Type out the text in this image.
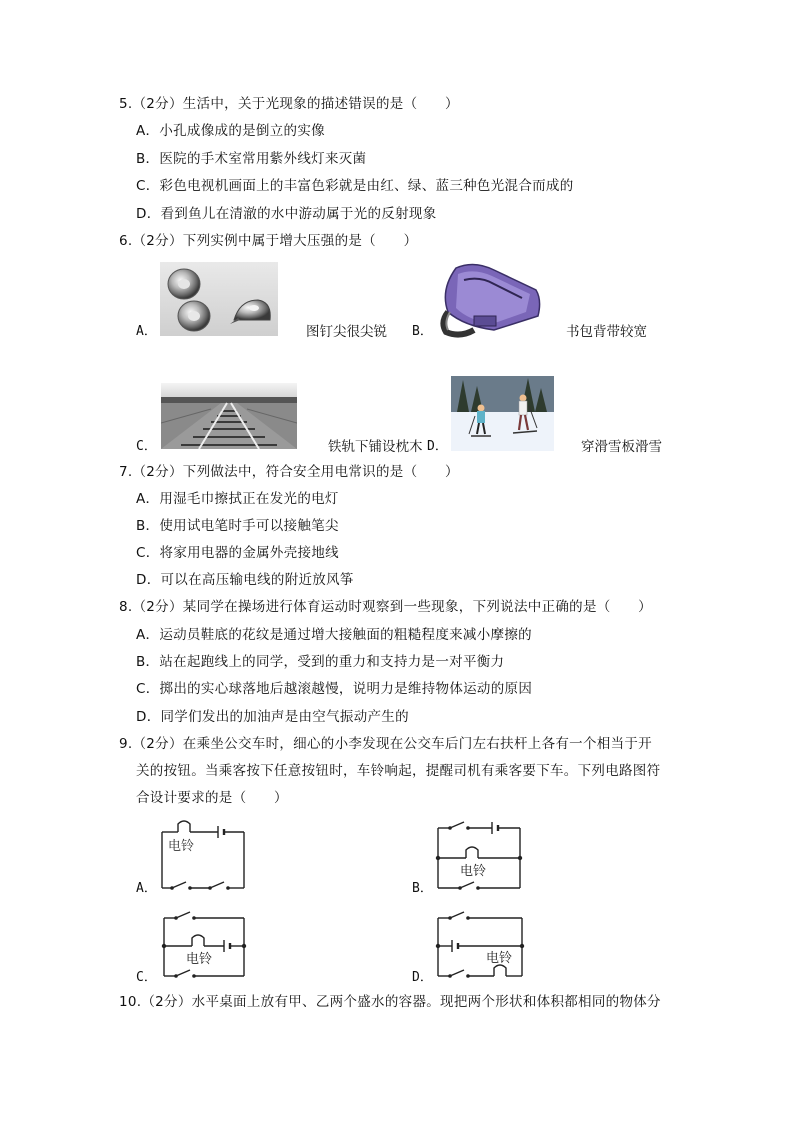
5.（2分）生活中，关于光现象的描述错误的是（　　）
A．小孔成像成的是倒立的实像
B．医院的手术室常用紫外线灯来灭菌
C．彩色电视机画面上的丰富色彩就是由红、绿、蓝三种色光混合而成的
D．看到鱼儿在清澈的水中游动属于光的反射现象
6.（2分）下列实例中属于增大压强的是（　　）
A．	图钉尖很尖锐 B．	书包背带较宽
C．	铁轨下铺设枕木 D．	穿滑雪板滑雪
7.（2分）下列做法中，符合安全用电常识的是（　　）
A．用湿毛巾擦拭正在发光的电灯
B．使用试电笔时手可以接触笔尖
C．将家用电器的金属外壳接地线
D．可以在高压输电线的附近放风筝
8.（2分）某同学在操场进行体育运动时观察到一些现象，下列说法中正确的是（　　）
A．运动员鞋底的花纹是通过增大接触面的粗糙程度来减小摩擦的
B．站在起跑线上的同学，受到的重力和支持力是一对平衡力
C．掷出的实心球落地后越滚越慢，说明力是维持物体运动的原因
D．同学们发出的加油声是由空气振动产生的
9.（2分）在乘坐公交车时，细心的小李发现在公交车后门左右扶杆上各有一个相当于开
关的按钮。当乘客按下任意按钮时，车铃响起，提醒司机有乘客要下车。下列电路图符
合设计要求的是（　　）
A．
电铃
B．
电铃
C．
电铃
D．
电铃
10.（2分）水平桌面上放有甲、乙两个盛水的容器。现把两个形状和体积都相同的物体分
